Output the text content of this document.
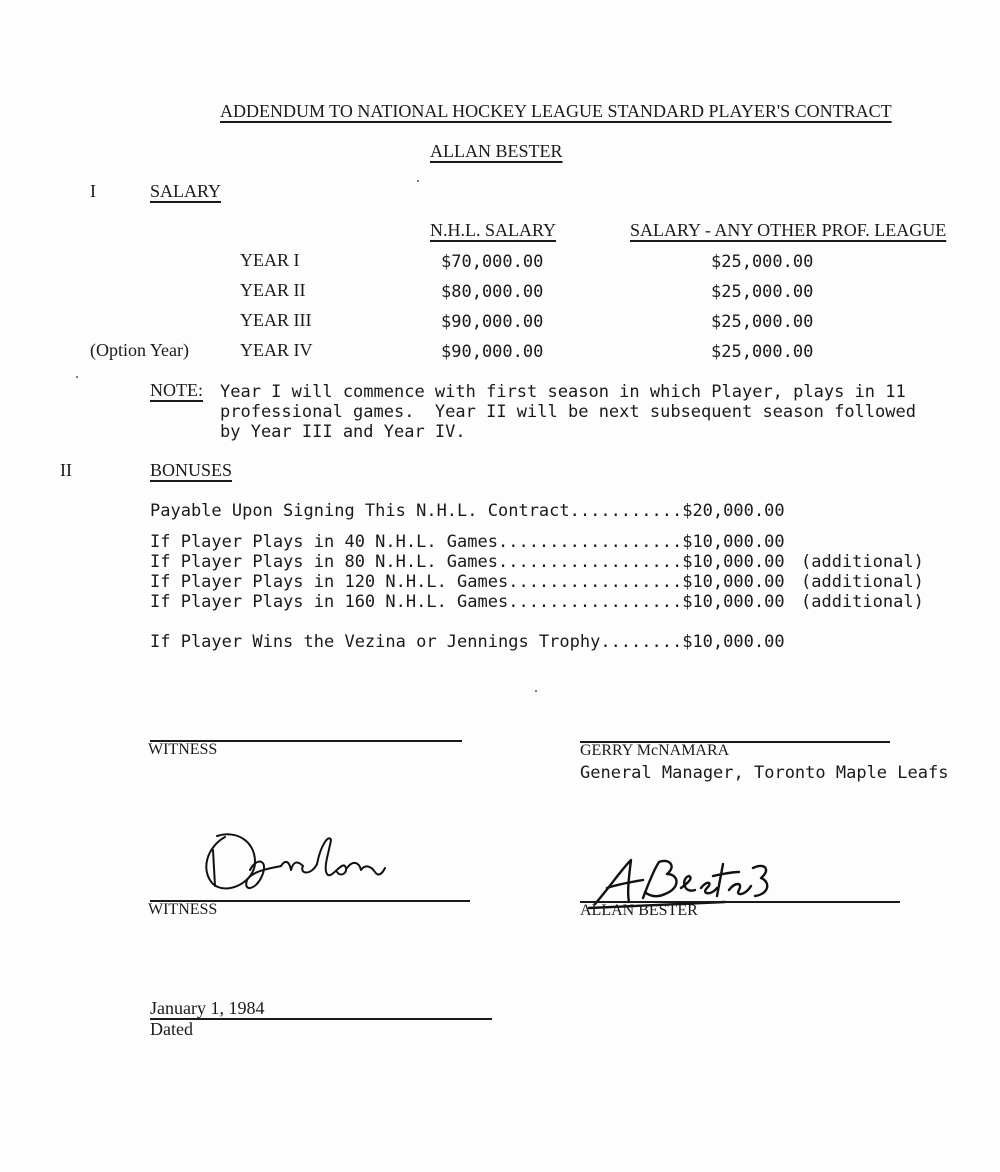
ADDENDUM TO NATIONAL HOCKEY LEAGUE STANDARD PLAYER'S CONTRACT
ALLAN BESTER
I	SALARY
N.H.L. SALARY	SALARY - ANY OTHER PROF. LEAGUE
YEAR I	$70,000.00	$25,000.00
YEAR II	$80,000.00	$25,000.00
YEAR III	$90,000.00	$25,000.00
(Option Year)	YEAR IV	$90,000.00	$25,000.00
NOTE: Year I will commence with first season in which Player, plays in 11
professional games.  Year II will be next subsequent season followed
by Year III and Year IV.
II	BONUSES
Payable Upon Signing This N.H.L. Contract...........$20,000.00
If Player Plays in 40 N.H.L. Games..................$10,000.00
If Player Plays in 80 N.H.L. Games..................$10,000.00 (additional)
If Player Plays in 120 N.H.L. Games.................$10,000.00 (additional)
If Player Plays in 160 N.H.L. Games.................$10,000.00 (additional)
If Player Wins the Vezina or Jennings Trophy........$10,000.00
WITNESS	GERRY McNAMARA
General Manager, Toronto Maple Leafs
WITNESS	ALLAN BESTER
January 1, 1984
Dated
